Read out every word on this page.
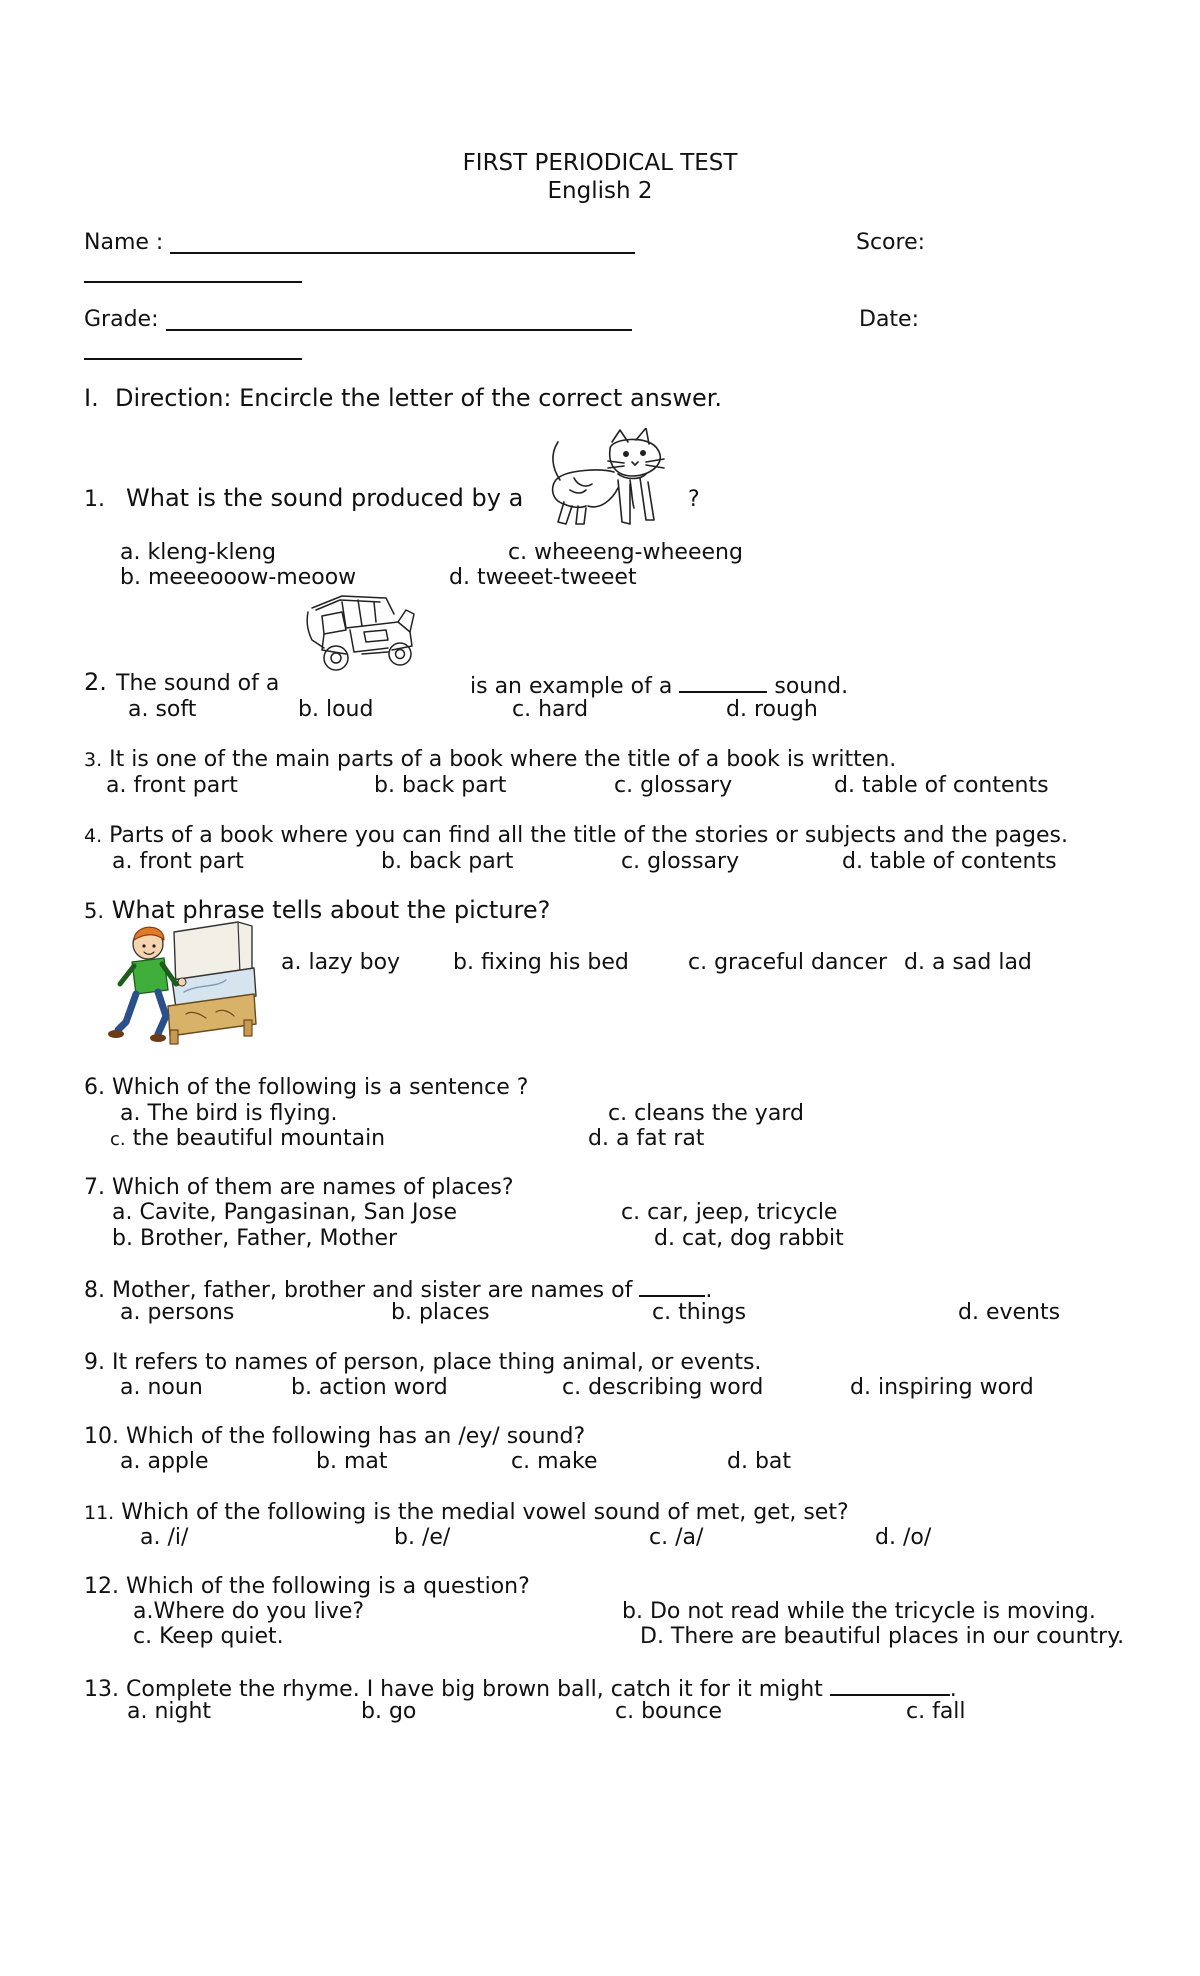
FIRST PERIODICAL TEST
English 2
Name :	Score:
Grade:	Date:
I. Direction: Encircle the letter of the correct answer.
1. What is the sound produced by a	?
a. kleng-kleng	c. wheeeng-wheeeng
b. meeeooow-meoow	d. tweeet-tweeet
2. The sound of a	is an example of a	sound.
a. soft	b. loud	c. hard	d. rough
3. It is one of the main parts of a book where the title of a book is written.
a. front part	b. back part	c. glossary	d. table of contents
4. Parts of a book where you can find all the title of the stories or subjects and the pages.
a. front part	b. back part	c. glossary	d. table of contents
5. What phrase tells about the picture?
a. lazy boy b. fixing his bed	c. graceful dancer d. a sad lad
6. Which of the following is a sentence ?
a. The bird is flying.	c. cleans the yard
c. the beautiful mountain	d. a fat rat
7. Which of them are names of places?
a. Cavite, Pangasinan, San Jose	c. car, jeep, tricycle
b. Brother, Father, Mother	d. cat, dog rabbit
8. Mother, father, brother and sister are names of	.
a. persons	b. places	c. things	d. events
9. It refers to names of person, place thing animal, or events.
a. noun	b. action word	c. describing word	d. inspiring word
10. Which of the following has an /ey/ sound?
a. apple	b. mat	c. make	d. bat
11. Which of the following is the medial vowel sound of met, get, set?
a. /i/	b. /e/	c. /a/	d. /o/
12. Which of the following is a question?
a.Where do you live?	b. Do not read while the tricycle is moving.
c. Keep quiet.	D. There are beautiful places in our country.
13. Complete the rhyme. I have big brown ball, catch it for it might	.
a. night	b. go	c. bounce	c. fall
